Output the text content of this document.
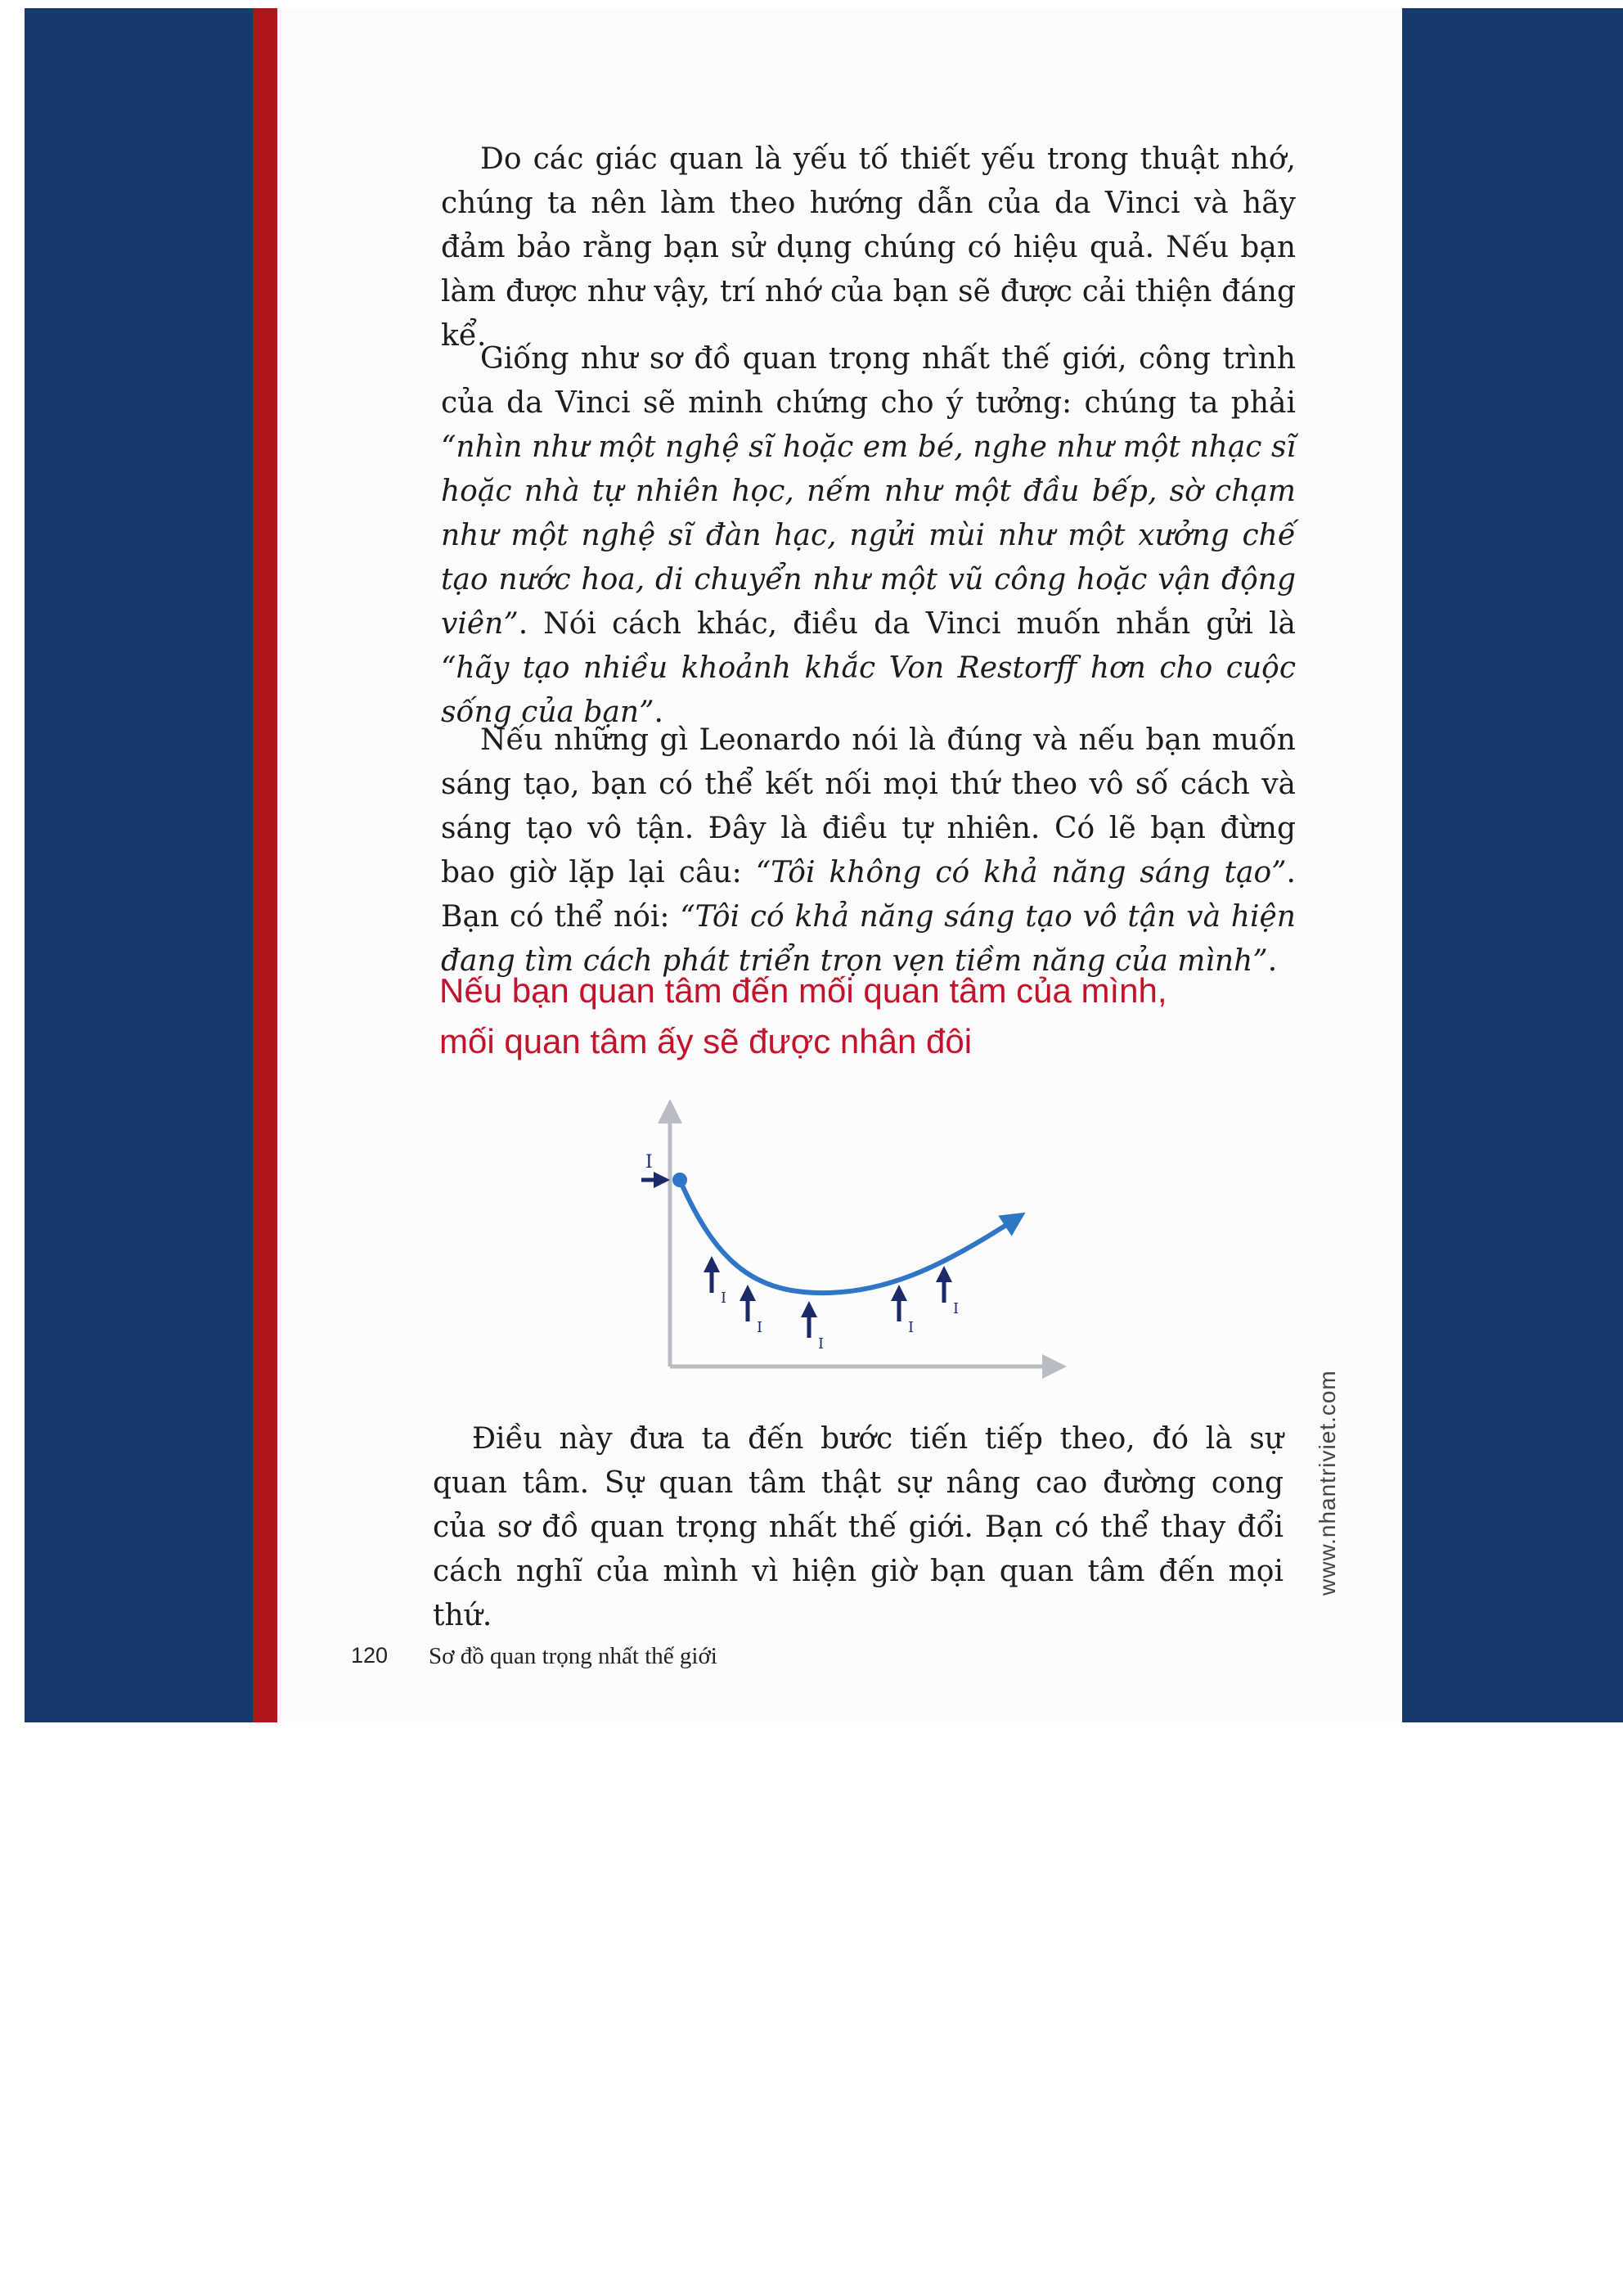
Do các giác quan là yếu tố thiết yếu trong thuật nhớ, chúng ta nên làm theo hướng dẫn của da Vinci và hãy đảm bảo rằng bạn sử dụng chúng có hiệu quả. Nếu bạn làm được như vậy, trí nhớ của bạn sẽ được cải thiện đáng kể.

Giống như sơ đồ quan trọng nhất thế giới, công trình của da Vinci sẽ minh chứng cho ý tưởng: chúng ta phải “nhìn như một nghệ sĩ hoặc em bé, nghe như một nhạc sĩ hoặc nhà tự nhiên học, nếm như một đầu bếp, sờ chạm như một nghệ sĩ đàn hạc, ngửi mùi như một xưởng chế tạo nước hoa, di chuyển như một vũ công hoặc vận động viên”. Nói cách khác, điều da Vinci muốn nhắn gửi là “hãy tạo nhiều khoảnh khắc Von Restorff hơn cho cuộc sống của bạn”.

Nếu những gì Leonardo nói là đúng và nếu bạn muốn sáng tạo, bạn có thể kết nối mọi thứ theo vô số cách và sáng tạo vô tận. Đây là điều tự nhiên. Có lẽ bạn đừng bao giờ lặp lại câu: “Tôi không có khả năng sáng tạo”. Bạn có thể nói: “Tôi có khả năng sáng tạo vô tận và hiện đang tìm cách phát triển trọn vẹn tiềm năng của mình”.

Nếu bạn quan tâm đến mối quan tâm của mình,
mối quan tâm ấy sẽ được nhân đôi
I
I
I
I
I
I

Điều này đưa ta đến bước tiến tiếp theo, đó là sự quan tâm. Sự quan tâm thật sự nâng cao đường cong của sơ đồ quan trọng nhất thế giới. Bạn có thể thay đổi cách nghĩ của mình vì hiện giờ bạn quan tâm đến mọi thứ.

120 Sơ đồ quan trọng nhất thế giới
www.nhantriviet.com
